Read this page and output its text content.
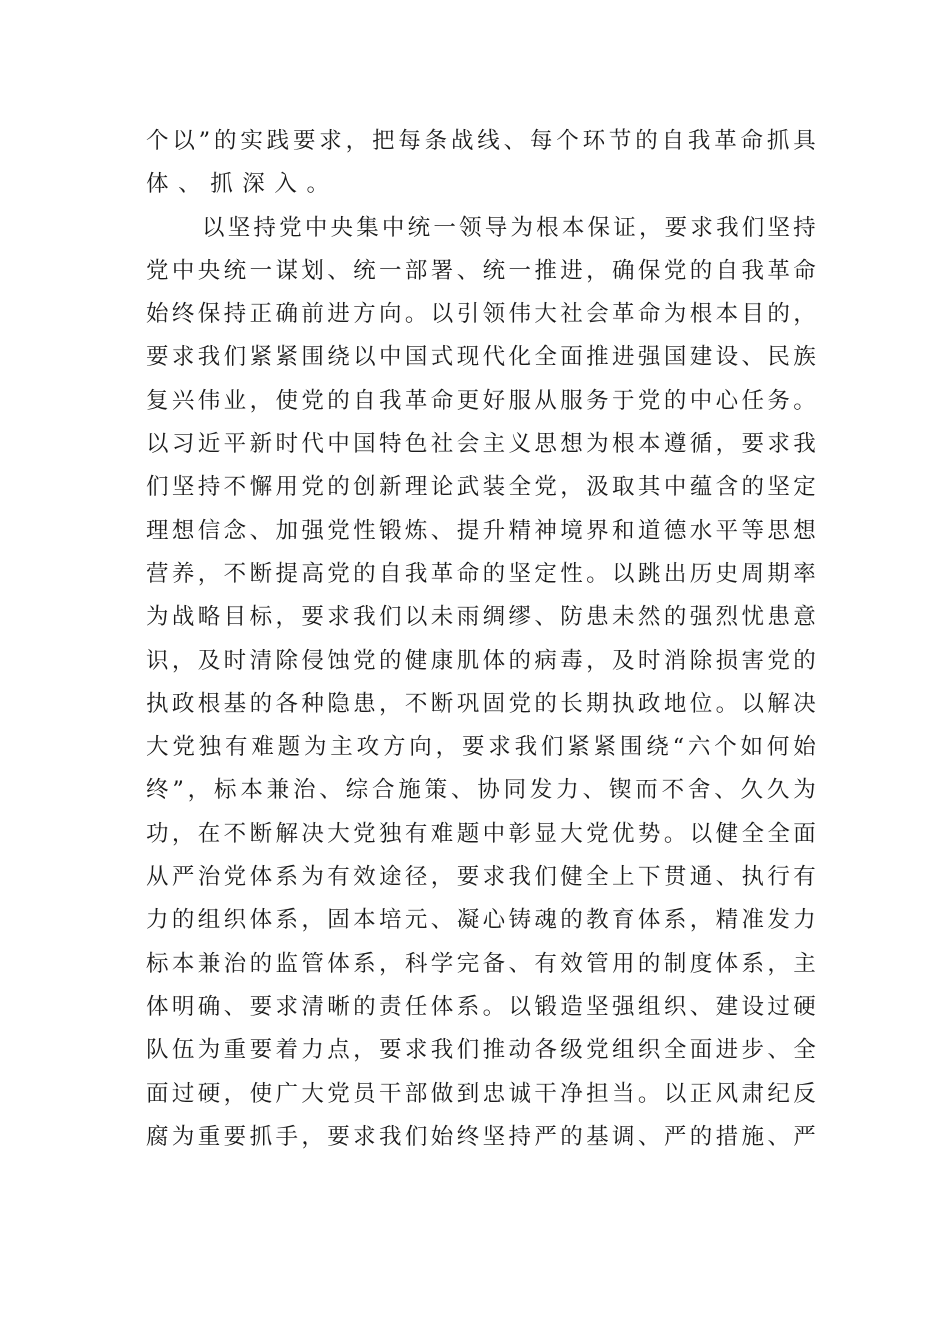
个 以 ” 的 实 践 要 求 ， 把 每 条 战 线 、 每 个 环 节 的 自 我 革 命 抓 具
体、抓深入。
以 坚 持 党 中 央 集 中 统 一 领 导 为 根 本 保 证 ， 要 求 我 们 坚 持
党 中 央 统 一 谋 划 、 统 一 部 署 、 统 一 推 进 ， 确 保 党 的 自 我 革 命
始 终 保 持 正 确 前 进 方 向 。 以 引 领 伟 大 社 会 革 命 为 根 本 目 的 ，
要 求 我 们 紧 紧 围 绕 以 中 国 式 现 代 化 全 面 推 进 强 国 建 设 、 民 族
复 兴 伟 业 ， 使 党 的 自 我 革 命 更 好 服 从 服 务 于 党 的 中 心 任 务 。
以 习 近 平 新 时 代 中 国 特 色 社 会 主 义 思 想 为 根 本 遵 循 ， 要 求 我
们 坚 持 不 懈 用 党 的 创 新 理 论 武 装 全 党 ， 汲 取 其 中 蕴 含 的 坚 定
理 想 信 念 、 加 强 党 性 锻 炼 、 提 升 精 神 境 界 和 道 德 水 平 等 思 想
营 养 ， 不 断 提 高 党 的 自 我 革 命 的 坚 定 性 。 以 跳 出 历 史 周 期 率
为 战 略 目 标 ， 要 求 我 们 以 未 雨 绸 缪 、 防 患 未 然 的 强 烈 忧 患 意
识 ， 及 时 清 除 侵 蚀 党 的 健 康 肌 体 的 病 毒 ， 及 时 消 除 损 害 党 的
执 政 根 基 的 各 种 隐 患 ， 不 断 巩 固 党 的 长 期 执 政 地 位 。 以 解 决
大 党 独 有 难 题 为 主 攻 方 向 ， 要 求 我 们 紧 紧 围 绕 “ 六 个 如 何 始
终 ” ， 标 本 兼 治 、 综 合 施 策 、 协 同 发 力 、 锲 而 不 舍 、 久 久 为
功 ， 在 不 断 解 决 大 党 独 有 难 题 中 彰 显 大 党 优 势 。 以 健 全 全 面
从 严 治 党 体 系 为 有 效 途 径 ， 要 求 我 们 健 全 上 下 贯 通 、 执 行 有
力 的 组 织 体 系 ， 固 本 培 元 、 凝 心 铸 魂 的 教 育 体 系 ， 精 准 发 力
标 本 兼 治 的 监 管 体 系 ， 科 学 完 备 、 有 效 管 用 的 制 度 体 系 ， 主
体 明 确 、 要 求 清 晰 的 责 任 体 系 。 以 锻 造 坚 强 组 织 、 建 设 过 硬
队 伍 为 重 要 着 力 点 ， 要 求 我 们 推 动 各 级 党 组 织 全 面 进 步 、 全
面 过 硬 ， 使 广 大 党 员 干 部 做 到 忠 诚 干 净 担 当 。 以 正 风 肃 纪 反
腐 为 重 要 抓 手 ， 要 求 我 们 始 终 坚 持 严 的 基 调 、 严 的 措 施 、 严
